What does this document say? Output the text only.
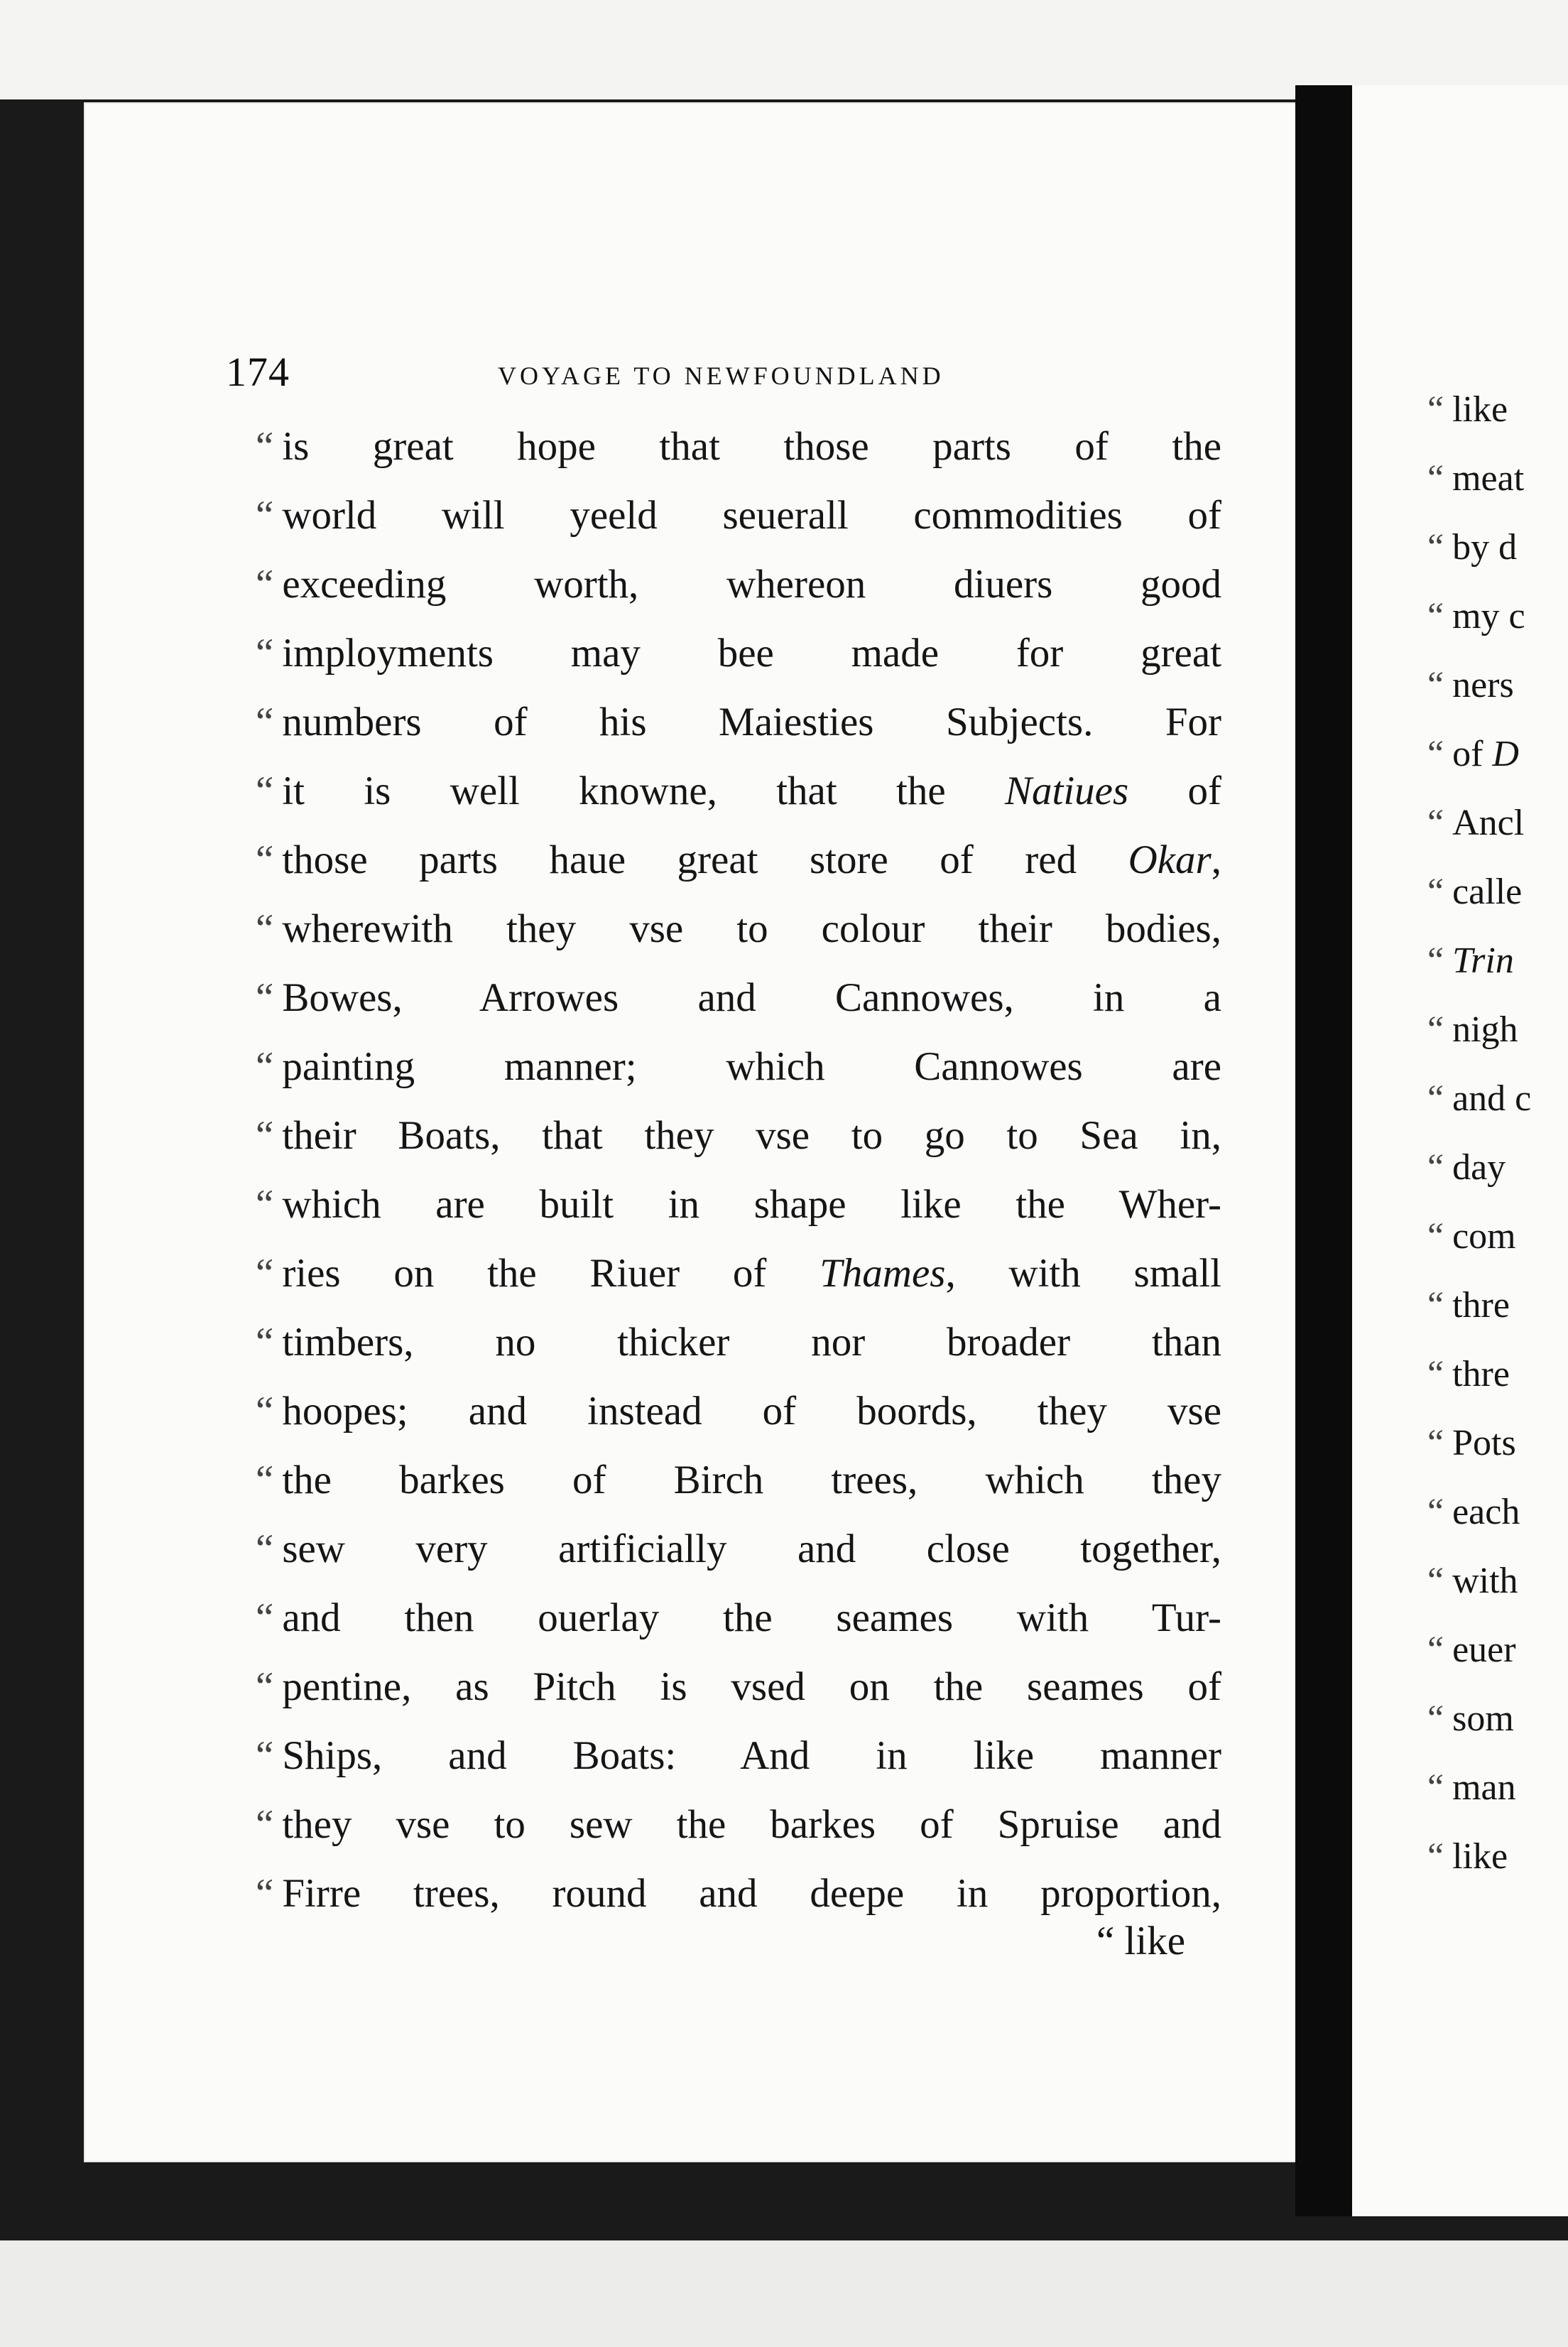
174	VOYAGE TO NEWFOUNDLAND
“ is great hope that those parts of the
“ world will yeeld seuerall commodities of
“ exceeding worth, whereon diuers good
“ imployments may bee made for great
“ numbers of his Maiesties Subjects. For
“ it is well knowne, that the Natiues of
“ those parts haue great store of red Okar,
“ wherewith they vse to colour their bodies,
“ Bowes, Arrowes and Cannowes, in a
“ painting manner; which Cannowes are
“ their Boats, that they vse to go to Sea in,
“ which are built in shape like the Wher-
“ ries on the Riuer of Thames, with small
“ timbers, no thicker nor broader than
“ hoopes; and instead of boords, they vse
“ the barkes of Birch trees, which they
“ sew very artificially and close together,
“ and then ouerlay the seames with Tur-
“ pentine, as Pitch is vsed on the seames of
“ Ships, and Boats: And in like manner
“ they vse to sew the barkes of Spruise and
“ Firre trees, round and deepe in proportion,
“ like
“ like
“ meat
“ by d
“ my c
“ ners
“ of D
“ Ancl
“ calle
“ Trin
“ nigh
“ and c
“ day
“ com
“ thre
“ thre
“ Pots
“ each
“ with
“ euer
“ som
“ man
“ like
